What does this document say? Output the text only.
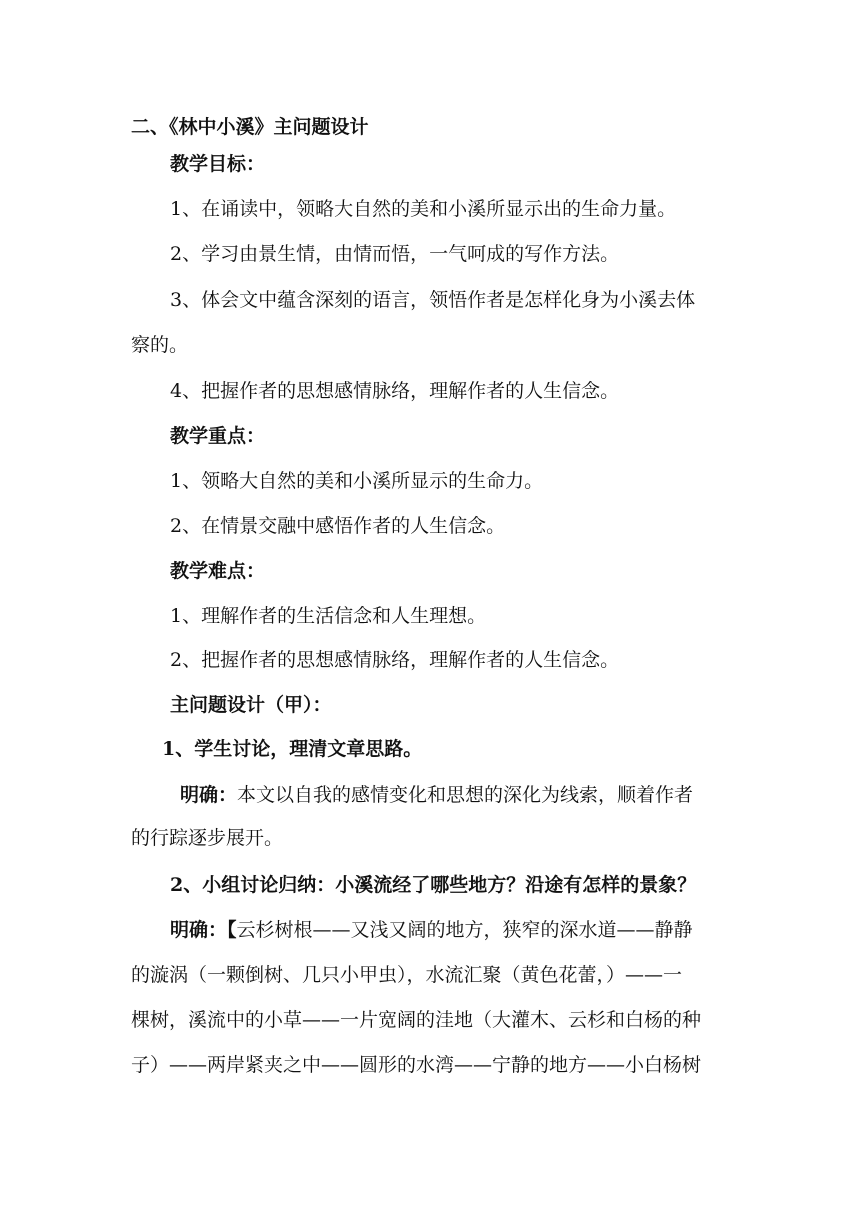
二、《林中小溪》主问题设计
教学目标：
1、在诵读中，领略大自然的美和小溪所显示出的生命力量。
2、学习由景生情，由情而悟，一气呵成的写作方法。
3、体会文中蕴含深刻的语言，领悟作者是怎样化身为小溪去体
察的。
4、把握作者的思想感情脉络，理解作者的人生信念。
教学重点：
1、领略大自然的美和小溪所显示的生命力。
2、在情景交融中感悟作者的人生信念。
教学难点：
1、理解作者的生活信念和人生理想。
2、把握作者的思想感情脉络，理解作者的人生信念。
主问题设计（甲）：
1、学生讨论，理清文章思路。
明确：本文以自我的感情变化和思想的深化为线索，顺着作者
的行踪逐步展开。
2、小组讨论归纳：小溪流经了哪些地方？沿途有怎样的景象？
明确：【云杉树根——又浅又阔的地方，狭窄的深水道——静静
的漩涡（一颗倒树、几只小甲虫），水流汇聚（黄色花蕾，）——一
棵树，溪流中的小草——一片宽阔的洼地（大灌木、云杉和白杨的种
子）——两岸紧夹之中——圆形的水湾——宁静的地方——小白杨树
